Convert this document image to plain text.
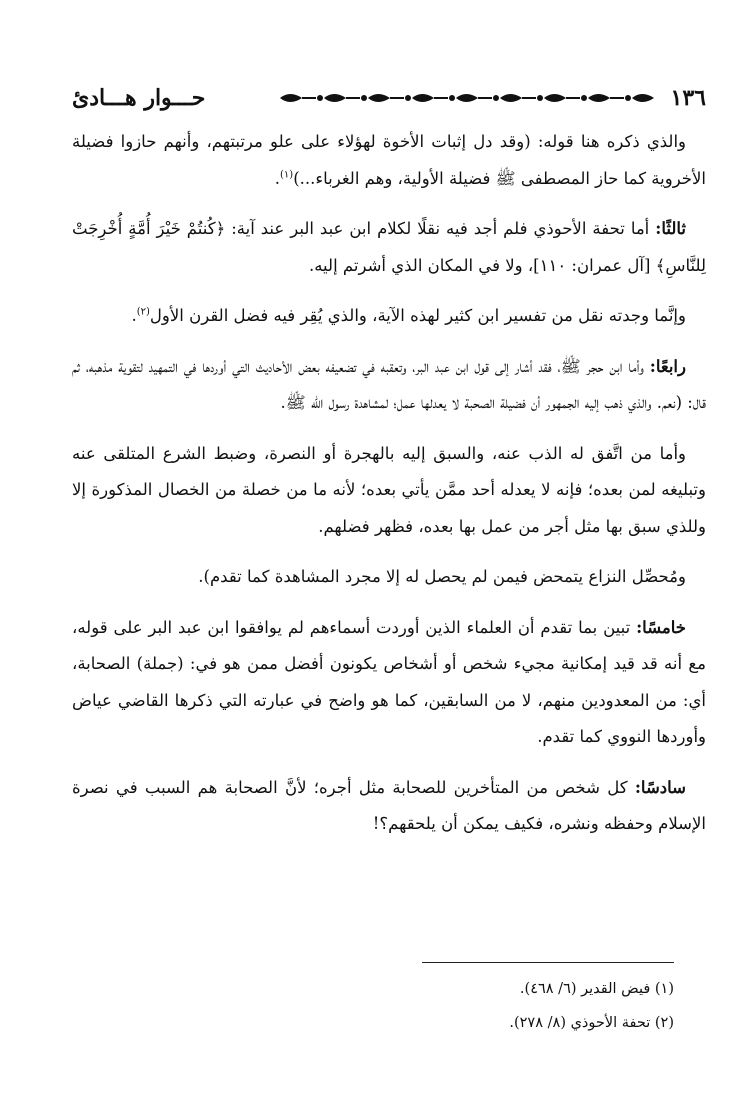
١٣٦
حـــوار هـــادئ

والذي ذكره هنا قوله: (وقد دل إثبات الأخوة لهؤلاء على علو مرتبتهم، وأنهم حازوا فضيلة الأخروية كما حاز المصطفى ﷺ فضيلة الأولية، وهم الغرباء...)$^{(١)}$.

ثالثًا: أما تحفة الأحوذي فلم أجد فيه نقلًا لكلام ابن عبد البر عند آية: ﴿كُنتُمْ خَيْرَ أُمَّةٍ أُخْرِجَتْ لِلنَّاسِ﴾ [آل عمران: ١١٠]، ولا في المكان الذي أشرتم إليه.

وإنَّما وجدته نقل من تفسير ابن كثير لهذه الآية، والذي يُقِر فيه فضل القرن الأول$^{(٢)}$.

رابعًا: وأما ابن حجر ﷺ، فقد أشار إلى قول ابن عبد البر، وتعقبه في تضعيفه بعض الأحاديث التي أوردها في التمهيد لتقوية مذهبه، ثم قال: (نعم. والذي ذهب إليه الجمهور أن فضيلة الصحبة لا يعدلها عمل؛ لمشاهدة رسول الله ﷺ.

وأما من اتَّفق له الذب عنه، والسبق إليه بالهجرة أو النصرة، وضبط الشرع المتلقى عنه وتبليغه لمن بعده؛ فإنه لا يعدله أحد ممَّن يأتي بعده؛ لأنه ما من خصلة من الخصال المذكورة إلا وللذي سبق بها مثل أجر من عمل بها بعده، فظهر فضلهم.

ومُحصِّل النزاع يتمحض فيمن لم يحصل له إلا مجرد المشاهدة كما تقدم).

خامسًا: تبين بما تقدم أن العلماء الذين أوردت أسماءهم لم يوافقوا ابن عبد البر على قوله، مع أنه قد قيد إمكانية مجيء شخص أو أشخاص يكونون أفضل ممن هو في: (جملة) الصحابة، أي: من المعدودين منهم، لا من السابقين، كما هو واضح في عبارته التي ذكرها القاضي عياض وأوردها النووي كما تقدم.

سادسًا: كل شخص من المتأخرين للصحابة مثل أجره؛ لأنَّ الصحابة هم السبب في نصرة الإسلام وحفظه ونشره، فكيف يمكن أن يلحقهم؟!

(١) فيض القدير (٦/ ٤٦٨).

(٢) تحفة الأحوذي (٨/ ٢٧٨).
